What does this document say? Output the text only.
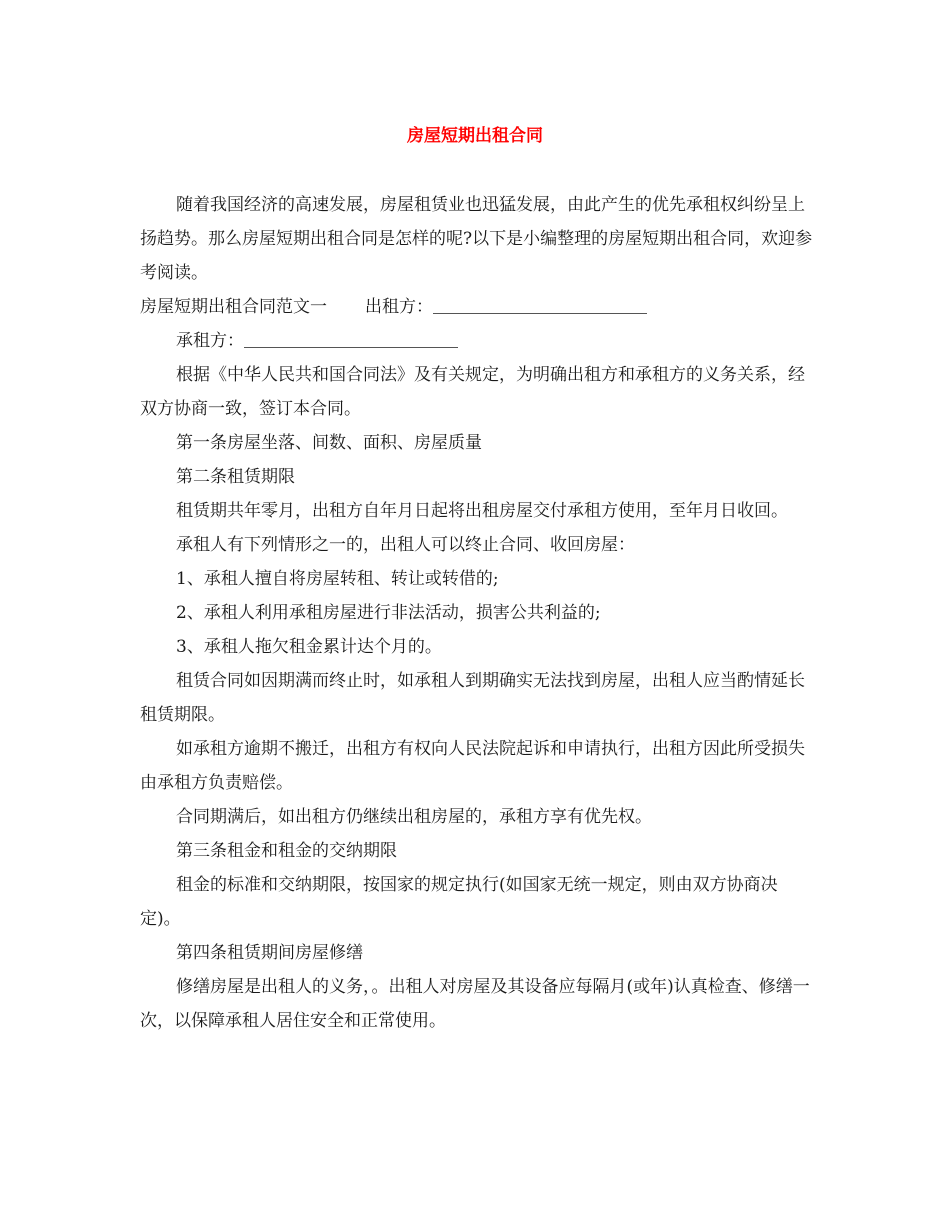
房屋短期出租合同

随着我国经济的高速发展，房屋租赁业也迅猛发展，由此产生的优先承租权纠纷呈上扬趋势。那么房屋短期出租合同是怎样的呢?以下是小编整理的房屋短期出租合同，欢迎参考阅读。

房屋短期出租合同范文一 出租方：

承租方：

根据《中华人民共和国合同法》及有关规定，为明确出租方和承租方的义务关系，经双方协商一致，签订本合同。

第一条房屋坐落、间数、面积、房屋质量

第二条租赁期限

租赁期共年零月，出租方自年月日起将出租房屋交付承租方使用，至年月日收回。

承租人有下列情形之一的，出租人可以终止合同、收回房屋：

1、承租人擅自将房屋转租、转让或转借的;

2、承租人利用承租房屋进行非法活动，损害公共利益的;

3、承租人拖欠租金累计达个月的。

租赁合同如因期满而终止时，如承租人到期确实无法找到房屋，出租人应当酌情延长租赁期限。

如承租方逾期不搬迁，出租方有权向人民法院起诉和申请执行，出租方因此所受损失由承租方负责赔偿。

合同期满后，如出租方仍继续出租房屋的，承租方享有优先权。

第三条租金和租金的交纳期限

租金的标准和交纳期限，按国家的规定执行(如国家无统一规定，则由双方协商决定)。

第四条租赁期间房屋修缮

修缮房屋是出租人的义务，。出租人对房屋及其设备应每隔月(或年)认真检查、修缮一次，以保障承租人居住安全和正常使用。
